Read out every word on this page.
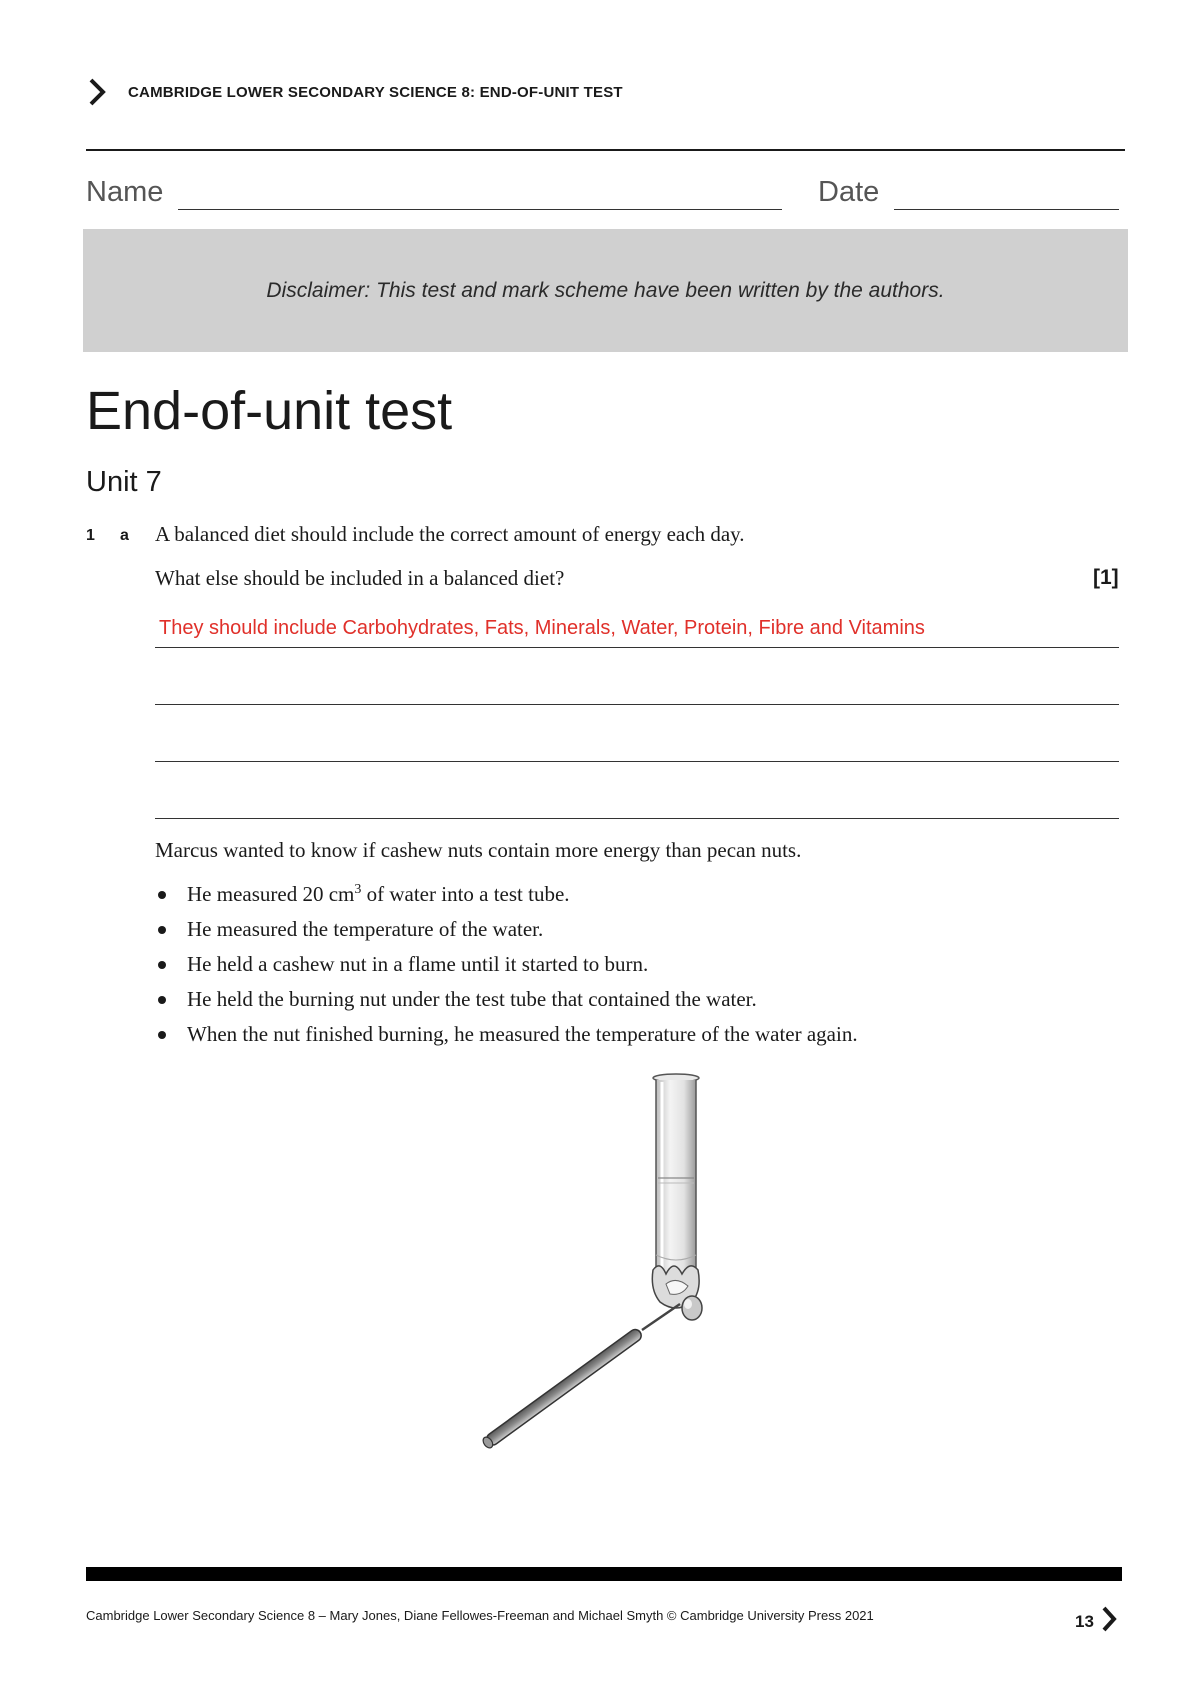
CAMBRIDGE LOWER SECONDARY SCIENCE 8: END-OF-UNIT TEST
Name	Date
Disclaimer: This test and mark scheme have been written by the authors.
End-of-unit test
Unit 7
1 a A balanced diet should include the correct amount of energy each day.
What else should be included in a balanced diet?	[1]
They should include Carbohydrates, Fats, Minerals, Water, Protein, Fibre and Vitamins
Marcus wanted to know if cashew nuts contain more energy than pecan nuts.
He measured 20 $cm^3$ of water into a test tube.
He measured the temperature of the water.
He held a cashew nut in a flame until it started to burn.
He held the burning nut under the test tube that contained the water.
When the nut finished burning, he measured the temperature of the water again.
Cambridge Lower Secondary Science 8 – Mary Jones, Diane Fellowes-Freeman and Michael Smyth © Cambridge University Press 2021	13
